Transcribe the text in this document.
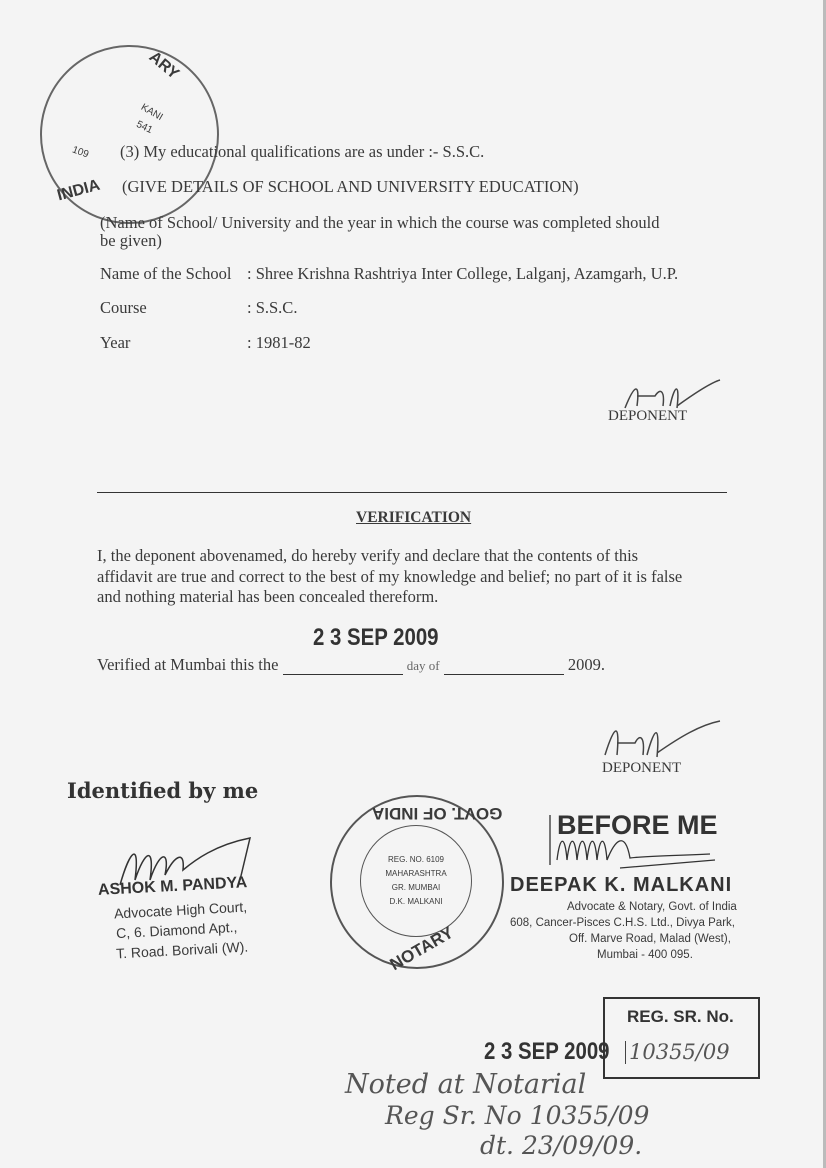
ARY
KANI
541
109
INDIA
(3) My educational qualifications are as under :- S.S.C.
(GIVE DETAILS OF SCHOOL AND UNIVERSITY EDUCATION)
(Name of School/ University and the year in which the course was completed should
be given)
Name of the School : Shree Krishna Rashtriya Inter College, Lalganj, Azamgarh, U.P.
Course	: S.S.C.
Year	: 1981-82
DEPONENT
VERIFICATION
I, the deponent abovenamed, do hereby verify and declare that the contents of this
affidavit are true and correct to the best of my knowledge and belief; no part of it is false
and nothing material has been concealed thereform.
Verified at Mumbai this the	day of	2009.
2 3 SEP 2009
DEPONENT
Identified by me
ASHOK M. PANDYA
Advocate High Court,
C, 6. Diamond Apt.,
T. Road. Borivali (W).
REG. NO. 6109
MAHARASHTRA
GR. MUMBAI
D.K. MALKANI
GOVT. OF INDIA
NOTARY
BEFORE ME
DEEPAK K. MALKANI
Advocate & Notary, Govt. of India
608, Cancer-Pisces C.H.S. Ltd., Divya Park,
Off. Marve Road, Malad (West),
Mumbai - 400 095.
REG. SR. No.
10355/09
2 3 SEP 2009
Noted at Notarial
Reg Sr. No 10355/09
dt. 23/09/09.
